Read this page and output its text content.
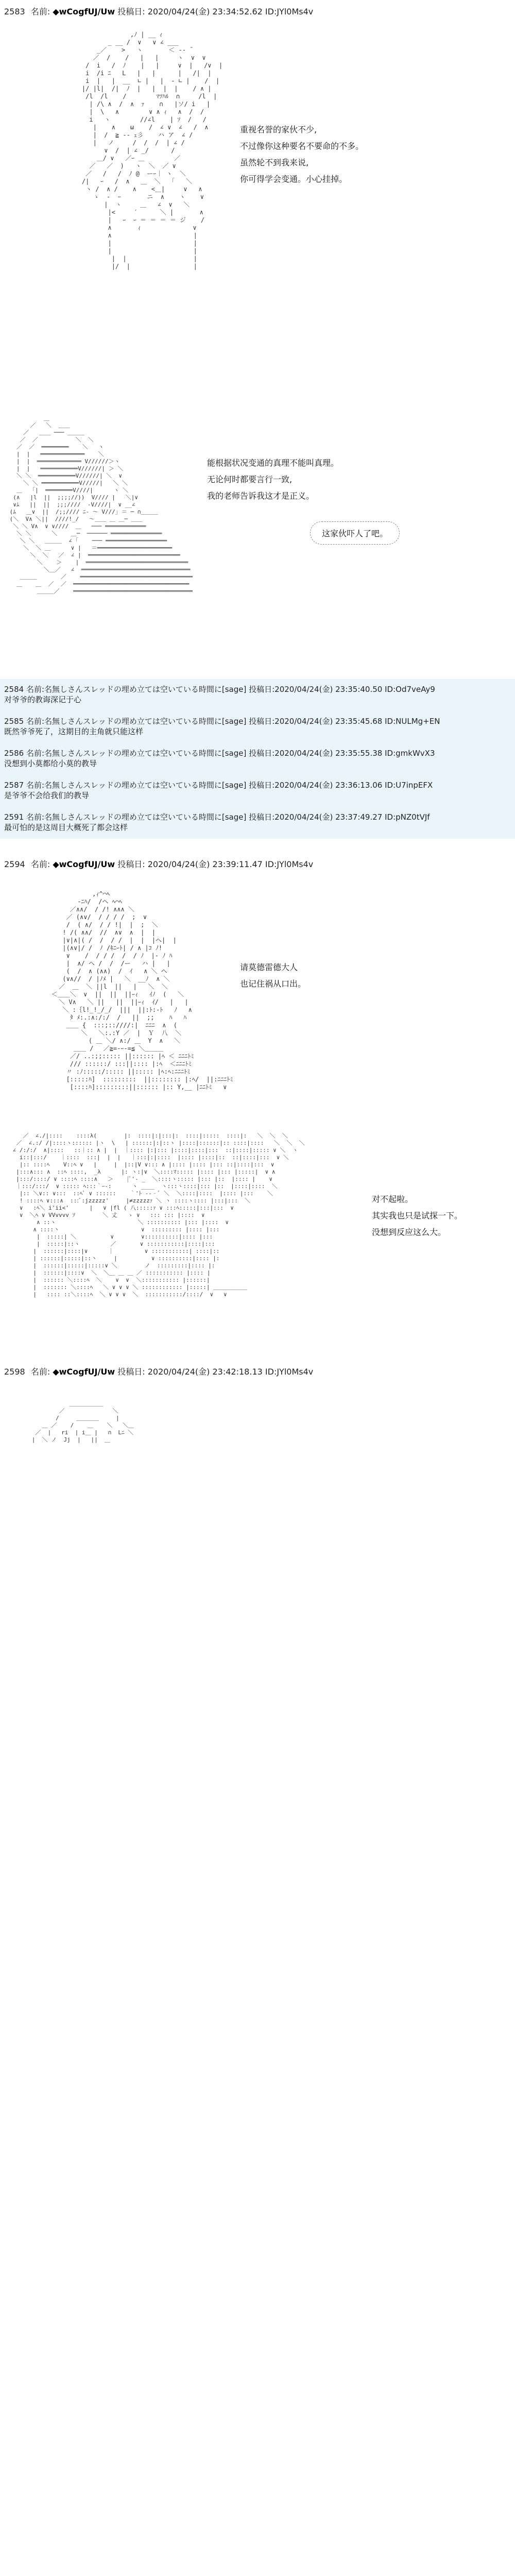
2583 名前: ◆wCogfUJ/Uw 投稿日: 2020/04/24(金) 23:34:52.62 ID:JYl0Ms4v
,ﾉ | __ ｨ
_ __ /  ∨   ∨ ∠ ___
_／    >   ヽ       ＜ ‐- ̄
／  /    /   |   |     ヽ  ∨  ∨
/  i   /  ﾉ    |   |     ∨  |   /∨  |
i  /i ﾆ   L   |   |      |   /|  |
i  |   |  __  ∟ |   |  ‐ ∟ |    /  |
|/ |l|  /|  ﾉ  |   |  |  |    / ∧ |
/l  /l    /        ﾏﾂﾊﾙ  ∩     /l  |
| /\ ∧  /  ∧  ｧ    ∩   |ソ/ i   |
|  \   ∧        ∨ ∧ ｨ   ∧  /  /
i   ヽ        //∠l    | ｿ  /   /
|    ∧    ω    /  ∠ ∨  ∠   /  ∧
|  /  ≧ -- ｪ彡    ハ ア  ∠ /
|   ノ     /  /  /  | ∠ /
∨  /  | ∠ _/      /
＿/ ∨   ／ｰ ＿        ／
／   ／  )   ヽ  ＼  ／ ∨
／   /   /  ﾉ @  ーｰ｜ ヽ  ＼
/|   ｰ   /  ∧   ＿  ＼   ｢   ＼
ヽ /  ∧ /    ∧    <＿|     ∨   ∧
ゝ  -  ｰ       ニ  ∧    ヽ    ∨
|  ヽ     ＿   ∠  ∨   ＼
|<     ′      ＼ |       ∧
|   ｰ  ｰ ＝ ＝ ＝ ＝ ジ    /
∧       ｨ              ∨
∧                      |
|                      |
|                      |
|  |                  |
|/  |                 |
重视名誉的家伙不少,
不过像你这种要名不要命的不多。
虽然轮不到我来说,
你可得学会变通。小心挂掉。
＿
／   ＼  ＿＿
／   ＿＿ ─── ＿＿＿
／  ／           ＼  ＼
／  ／  ════════    ＼   ヽ
|  |   ═════════════    ＼
|  |  ═════════════ V//////＞ヽ
|  |   ═══════════V//////| ＞ ＼
＼ ＼  ═══════════V//////| ＼  ∨
＼ ＼ ═══════════V/////|   ＼ ＼
＿   ｢|  ════════V////|      ヽ ＼
(∧   |l  ||  ;;;;//))  V//// |   ＼|∨
∨ﾑ   ||  ||  ;;;////  ‐V////|  ∨ __∠
(ﾑ   ＿∨  ||  /;;//// ﾆ‐ ～ V///｣ ＝ ─ ∩＿＿＿
(＼  V∧ ＼||  ////!_/   ～＿＿ ＿ ＿─ ＿＿
＼ ＼ V∧  ∨ ∨////  ＿   ─── ════════════
＼ ＼      ＼    ＿─  ────── ═══════════════
＼ ＼   ＿＿＿  ∠ ｢    ─── ══════════════════
＼  ＼ ＿      ∨ |   ＝══════════════════════
＼  ＼   ／  ∠ |  ═══════════════════════════
＼    ＞    |  ══════════════════════════════
＼＿／   ∠  ════════════════════════════════
＿＿＿       ／    ═════════════════════════════════
＿    ＿  ／  ／  ══════════════════════════════════
＿＿＿／    ═══════════════════════════════════
能根据状况变通的真理不能叫真理。
无论何时都要言行一致,
我的老师告诉我这才是正义。
这家伙吓人了吧。
2584 名前:名無しさんスレッドの埋め立ては空いている時間に[sage] 投稿日:2020/04/24(金) 23:35:40.50 ID:Od7veAy9
对爷爷的教诲深记于心
2585 名前:名無しさんスレッドの埋め立ては空いている時間に[sage] 投稿日:2020/04/24(金) 23:35:45.68 ID:NULMg+EN
既然爷爷死了，这期目的主角就只能这样
2586 名前:名無しさんスレッドの埋め立ては空いている時間に[sage] 投稿日:2020/04/24(金) 23:35:55.38 ID:gmkWvX3
没想到小莫都给小莫的教导
2587 名前:名無しさんスレッドの埋め立ては空いている時間に[sage] 投稿日:2020/04/24(金) 23:36:13.06 ID:U7inpEFX
是爷爷不会给我们的教导
2591 名前:名無しさんスレッドの埋め立ては空いている時間に[sage] 投稿日:2020/04/24(金) 23:37:49.27 ID:pNZ0tVJf
最可怕的是这周目大概死了都会这样
2594 名前: ◆wCogfUJ/Uw 投稿日: 2020/04/24(金) 23:39:11.47 ID:JYl0Ms4v
,ｨ^⌒ﾍ
-ﾆﾊ/  /ヘ ﾍ⌒ﾍ
／∧∧/  / /! ∧∧∧ ＼
／ (∧∨/  / / / /  ;  ∨
/  ( ∧/  / / !|  |  ;  ＼
! /( ∧∧/  //  ∧∨  ∧  |  |
|∨|∧|( /  /  / /  |  |  |ヘ|  |
|(∧∨|/ /  ﾉ /ｷﾆｰﾄ| / ∧ |ｺ ﾉ!
∨    /  / / /  /  / ﾉ  |‐ ﾉ ﾊ
|  ∧/ ヘ /  /  /ー   ハ |   |
(  /  ∧ (∧∧)  /  ｲ   ∧ ＼ ヘ
(∨∧//  / |ﾉﾒ |   ＼  __ﾉ  ∧ ＼
／  ＿  ＼ ||l  ||   |   ＼  ＼
＜＿＿＼  ∨  ||  ||  ||ｰｨ   ｲﾉ  (   ＼
＼ V∧   ＼ ||   ||  ||ｰｨ  ｲ/   |   |
＼ :｛l!_!_/_/  |||  ||:ﾄ:-ﾄ   ﾉ   ∧
ﾀ ﾒ:.:∧:/:/  /   ||  ;;    ﾊ   ﾊ
＿＿ {  :::;::////:|  ﾆﾆﾆ  ∧  (
＼   ＼:.:Y ／  |  Ｙ  八  ＼
( ＿ ＼/ ∧:/ ＿  Y  ∧   ＼
＿＿ /　 ／≧=‐ｰ-=≦ ＼＿＿＿
／/ ..:;;::::: ||:::::: |ﾍ ＜ ﾆﾆﾆﾄﾐ
/// ::::::/ :::||:::: |:ﾍ  ＜ﾆﾆﾆﾄﾐ
〃 :ﾉ:::::/::::: ||::::: |ﾍ:ﾍ:ﾆﾆﾆﾄﾐ
[:::::ﾊ]  :::::::::  ||:::::::: |:ﾍ/  ||:ﾆﾆﾆﾄﾐ
[::::ﾊ]:::::::::||:::::: |:: Y,__ |ﾆﾆﾄﾐ   ∨
请莫德雷德大人
也记住祸从口出。
／  ∠./|::::    ::::λ(        |:  ::::|:|:::|:  ::::|:::::  ::::|:   ＼  ＼  ＼
／  ∠.:/ /|::::ヽ:::::: |ヽ  \   | ::::::|:|::ヽ |::::|::::::|:: ::::|::::   ＼  ＼  ＼
∠ /:/:/  ∧|::::   ::｜:: ∧ |  |  ｜:::: |:|::: |::::|::::|:::  ::|::::|::::: ∨ ＼  ヽ
i::|:::/    ｜::::  :::|  |  |   ｜:::|:|::::  |:::: |::::|::  ::|::::|:::  ∨ ＼
|:: ::::ﾍ    V::ﾍ ∨   |     |  |::|V ∨::: ∧ |:::: |:::: |::: ::|::::|:::  ∨
|:::∧::: ∧  ::ﾍ ::::,  _λ      |: ヽ:|∨  ＼::::ﾏ::::: |:::: |::: |:::::|  ∨ ∧
|:::/::::/ ∨ ::::ﾍ ::::∧   ＞    |ﾟ'‐ _  ＼::::ヽ::::: |::: |::  |:::: |    ∨
｜:::/:::/  ∨ ::::: ﾍ:::｀ｰ-:      ヽ ____  ヽ:::ヽ::::|::: |::  |::::|::::  ＼
|:: ＼∨:: ∨:::  ::ﾍﾟ ∨ ::::::    ｀'ﾄ ‐‐‐ﾞ ＼  ＼::::|::::  |:::: |:::    ＼
! ::::ﾍ ∨:::∧  :::ﾞ:jzzzzz'     |≠zzzzzｧ ＼ ヽ ::::ヽ:::: |:::|:::  ＼
∨   :ﾍ＼ i'ii<'      |   ∨ |fl ( 八:::::ｧ ∨ :::ﾍ:::::|:::|:::  ∨
∨  ＼ﾍ ∨ VVvvvv ｿ        ＼ 丈   ゝ ∨   ::: ::: |::::  ∨
∧ ::ヽ                        ＼ :::::::::: |::: |::::  ∨
∧ ::::丶                        ∨  ::::::::: |:::: |:::
|  :::::| ＼          ∨        ∨::::::::::|:::: |:::
|  :::::|::ヽ         ／       ∨ :::::::::::|::::|:::
|  ::::::|::::|∨      ｜         ∨ :::::::::::| ::::|::
| ::::::|:::::|::丶     |          ∨ ::::::::::|:::: |:
|  ::::::|:::::|:::::∨ ＼        ノ  :::::::::|:::: |:
|  ::::::|::::∨  ＼  ＼＿ ＿ ＿ ／ ::::::::::: |:::: |
|  :::::: ＼::::ﾍ  ＼    ∨  ∨  ＼::::::::::: |::::::|
|  ::::::: ＼::::ﾍ   ＼ ∨ ∨ ∨ ＼ :::::::::::: |:::::| ＿＿＿＿＿＿
|   :::: ::＼::::ﾍ  ＼ ∨ ∨ ∨  ＼  :::::::::::/::::/  ∨   ∨
对不起啦。
其实我也只是试探一下。
没想到反应这么大。
2598 名前: ◆wCogfUJ/Uw 投稿日: 2020/04/24(金) 23:42:18.13 ID:JYl0Ms4v
＿＿＿＿＿＿
／              ＼
/     ＿＿＿＿     |
＿ ／    /    ＿    ＼   ＼＿
／  |   ri  | i＿ |   ∩  Lﾆ ＼
|  ＼ ノ  Jj  |   ||  ＿
